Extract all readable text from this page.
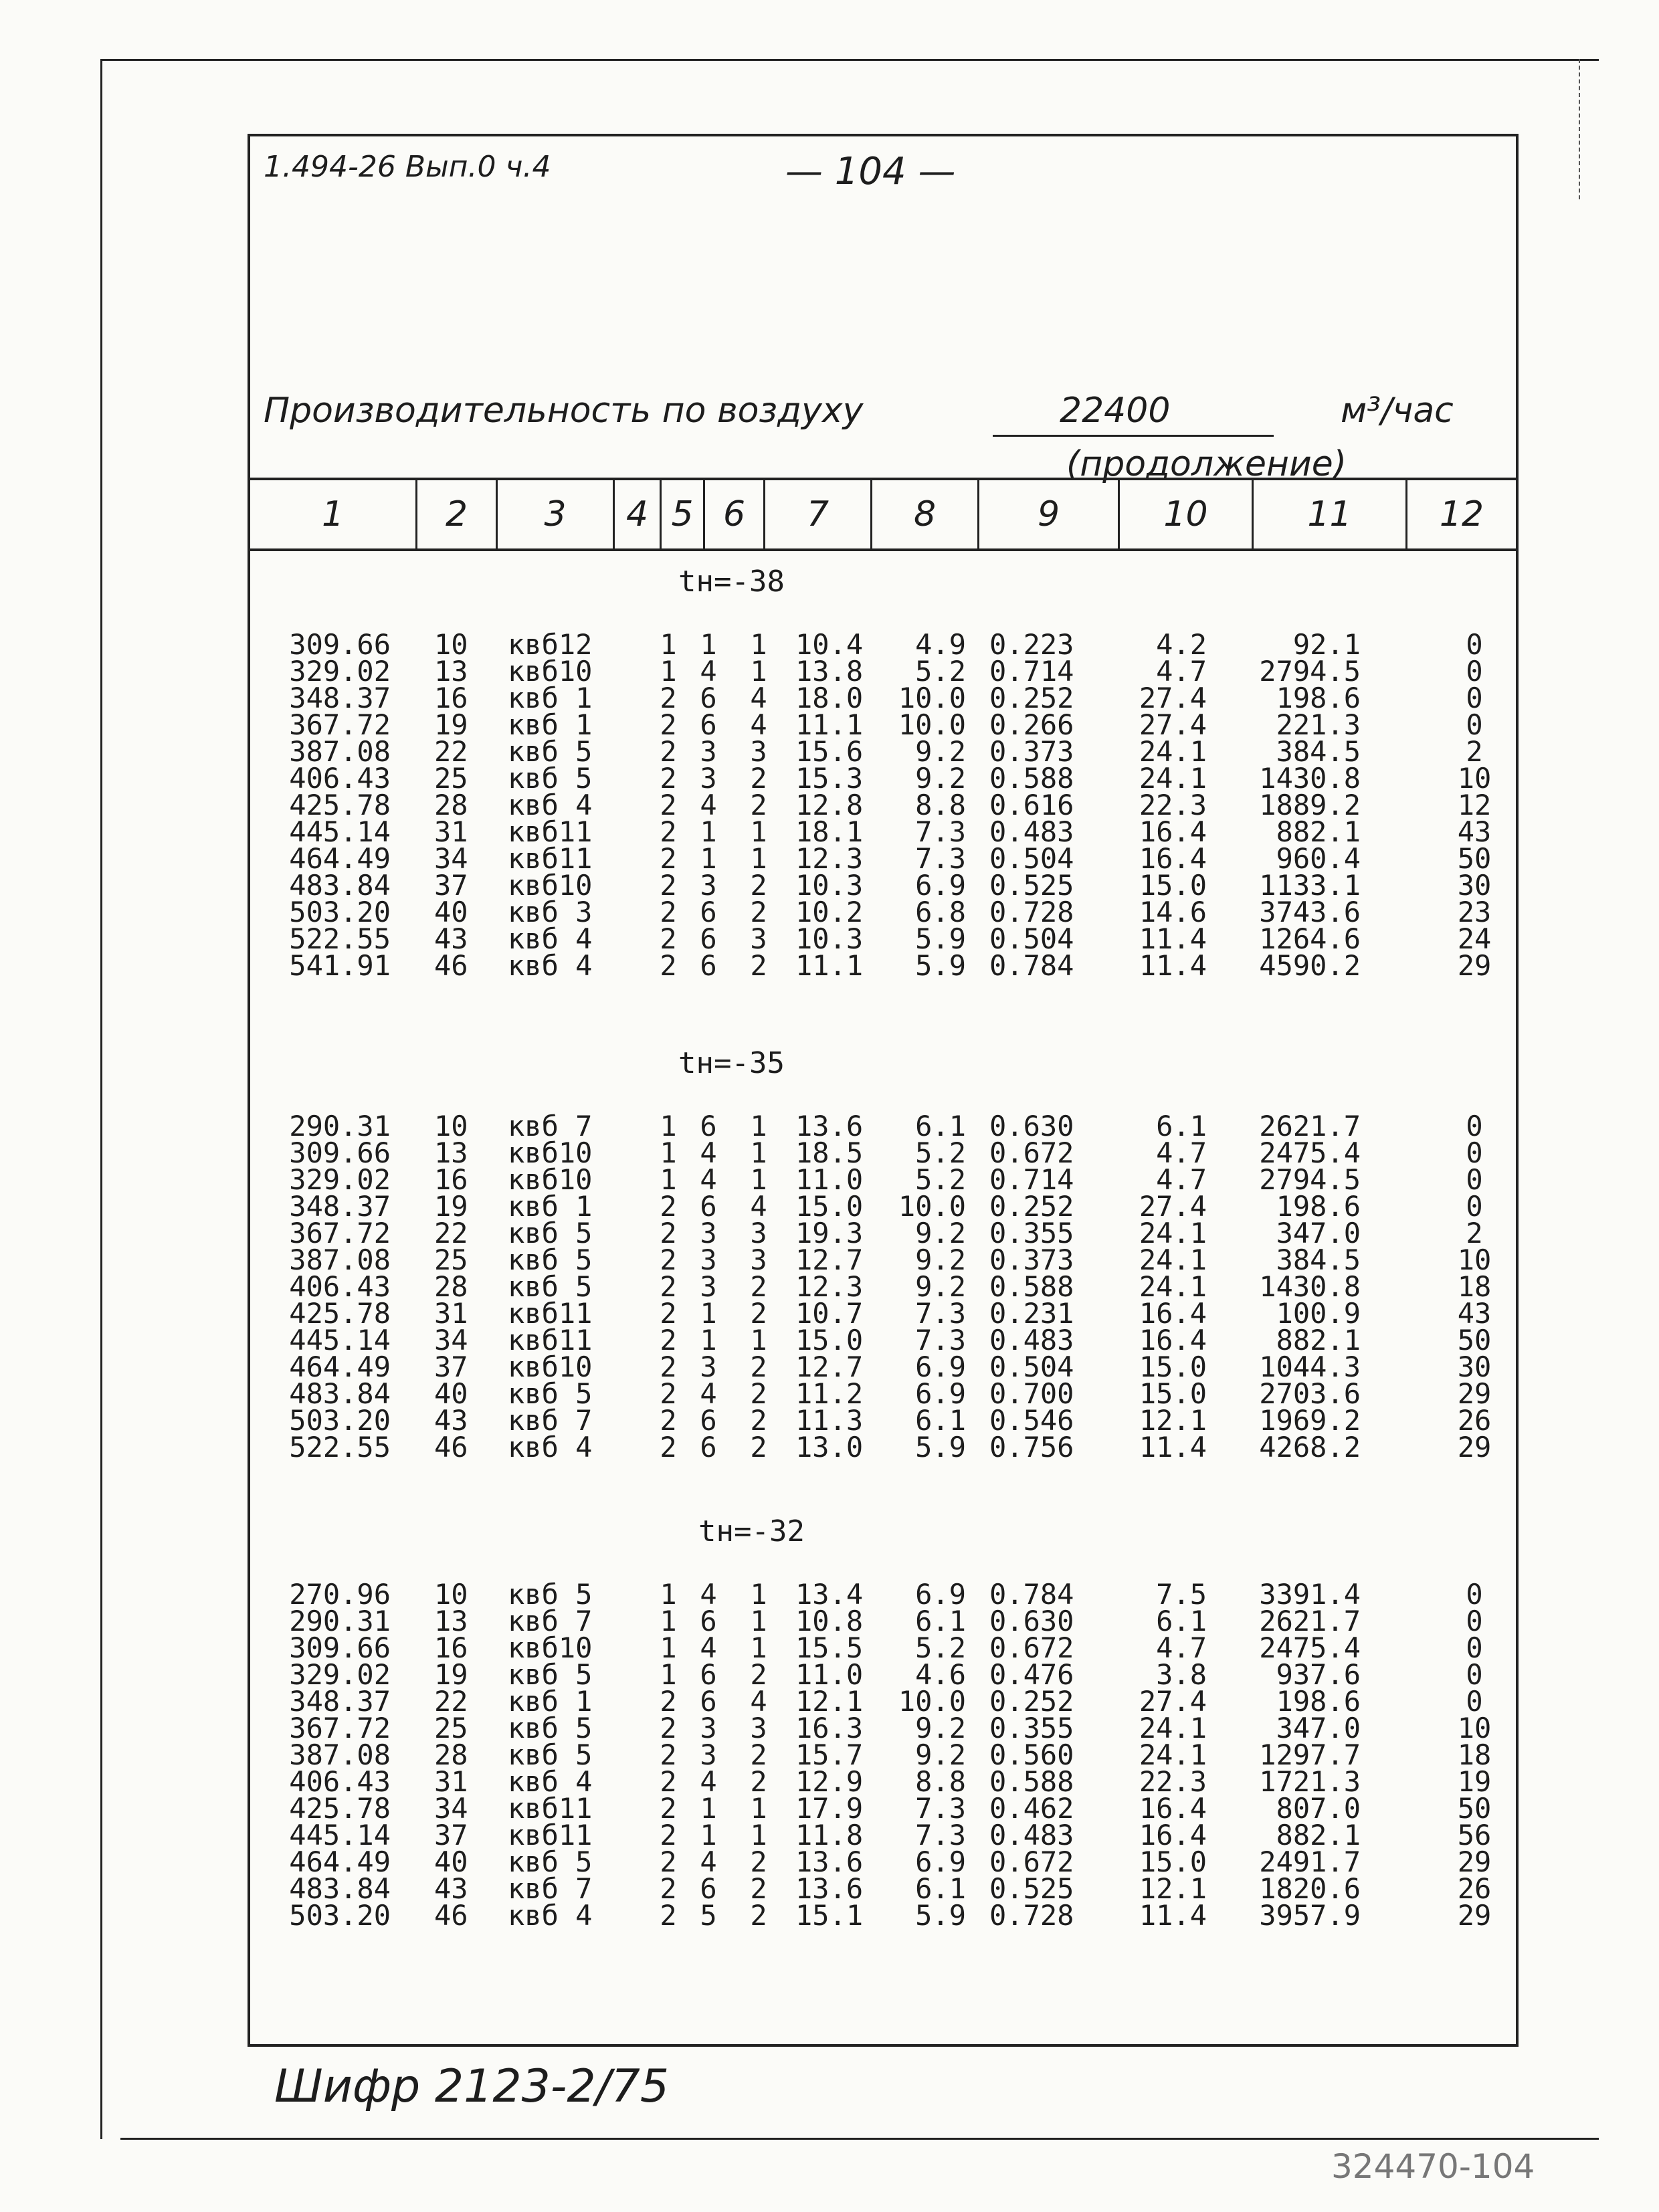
1.494-26 Вып.0 ч.4	— 104 —
Производительность по воздуху	22400	м³/час
(продолжение)
1	2	3	4 5 6	7	8	9	10	11	12
tн=-38
309.66 10	квб12	1 1 1 10.4	4.9 0.223	4.2	92.1	0
329.02 13	квб10	1 4 1 13.8	5.2 0.714	4.7	2794.5	0
348.37 16	квб 1	2 6 4 18.0	10.0 0.252	27.4	198.6	0
367.72 19	квб 1	2 6 4 11.1	10.0 0.266	27.4	221.3	0
387.08 22	квб 5	2 3 3 15.6	9.2 0.373	24.1	384.5	2
406.43 25	квб 5	2 3 2 15.3	9.2 0.588	24.1	1430.8	10
425.78 28	квб 4	2 4 2 12.8	8.8 0.616	22.3	1889.2	12
445.14 31	квб11	2 1 1 18.1	7.3 0.483	16.4	882.1	43
464.49 34	квб11	2 1 1 12.3	7.3 0.504	16.4	960.4	50
483.84 37	квб10	2 3 2 10.3	6.9 0.525	15.0	1133.1	30
503.20 40	квб 3	2 6 2 10.2	6.8 0.728	14.6	3743.6	23
522.55 43	квб 4	2 6 3 10.3	5.9 0.504	11.4	1264.6	24
541.91 46	квб 4	2 6 2 11.1	5.9 0.784	11.4	4590.2	29
tн=-35
290.31 10	квб 7	1 6 1 13.6	6.1 0.630	6.1	2621.7	0
309.66 13	квб10	1 4 1 18.5	5.2 0.672	4.7	2475.4	0
329.02 16	квб10	1 4 1 11.0	5.2 0.714	4.7	2794.5	0
348.37 19	квб 1	2 6 4 15.0	10.0 0.252	27.4	198.6	0
367.72 22	квб 5	2 3 3 19.3	9.2 0.355	24.1	347.0	2
387.08 25	квб 5	2 3 3 12.7	9.2 0.373	24.1	384.5	10
406.43 28	квб 5	2 3 2 12.3	9.2 0.588	24.1	1430.8	18
425.78 31	квб11	2 1 2 10.7	7.3 0.231	16.4	100.9	43
445.14 34	квб11	2 1 1 15.0	7.3 0.483	16.4	882.1	50
464.49 37	квб10	2 3 2 12.7	6.9 0.504	15.0	1044.3	30
483.84 40	квб 5	2 4 2 11.2	6.9 0.700	15.0	2703.6	29
503.20 43	квб 7	2 6 2 11.3	6.1 0.546	12.1	1969.2	26
522.55 46	квб 4	2 6 2 13.0	5.9 0.756	11.4	4268.2	29
tн=-32
270.96 10	квб 5	1 4 1 13.4	6.9 0.784	7.5	3391.4	0
290.31 13	квб 7	1 6 1 10.8	6.1 0.630	6.1	2621.7	0
309.66 16	квб10	1 4 1 15.5	5.2 0.672	4.7	2475.4	0
329.02 19	квб 5	1 6 2 11.0	4.6 0.476	3.8	937.6	0
348.37 22	квб 1	2 6 4 12.1	10.0 0.252	27.4	198.6	0
367.72 25	квб 5	2 3 3 16.3	9.2 0.355	24.1	347.0	10
387.08 28	квб 5	2 3 2 15.7	9.2 0.560	24.1	1297.7	18
406.43 31	квб 4	2 4 2 12.9	8.8 0.588	22.3	1721.3	19
425.78 34	квб11	2 1 1 17.9	7.3 0.462	16.4	807.0	50
445.14 37	квб11	2 1 1 11.8	7.3 0.483	16.4	882.1	56
464.49 40	квб 5	2 4 2 13.6	6.9 0.672	15.0	2491.7	29
483.84 43	квб 7	2 6 2 13.6	6.1 0.525	12.1	1820.6	26
503.20 46	квб 4	2 5 2 15.1	5.9 0.728	11.4	3957.9	29
Шифр 2123-2/75
324470-104
